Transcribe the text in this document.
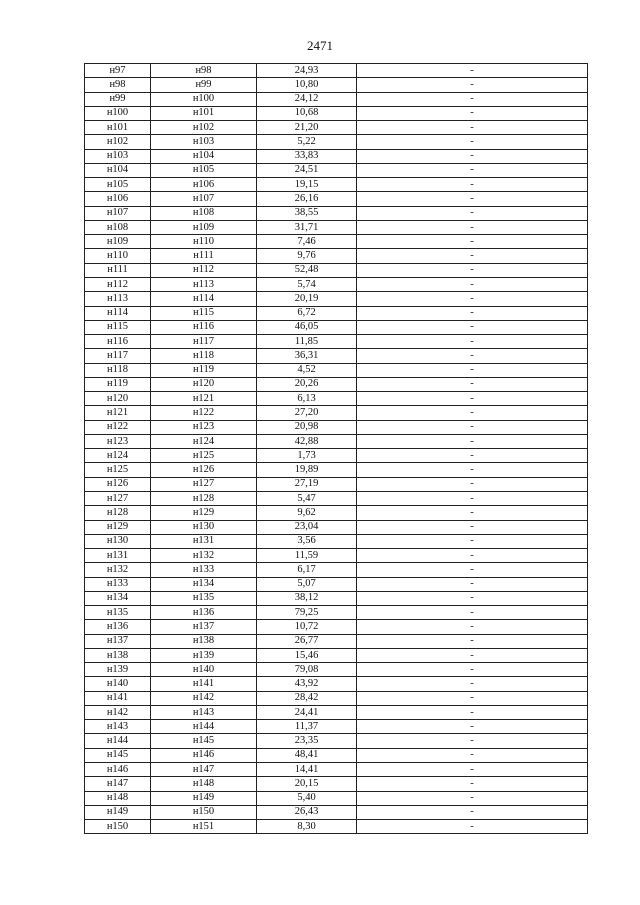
2471
н97	н98	24,93	-
н98	н99	10,80	-
н99	н100	24,12	-
н100	н101	10,68	-
н101	н102	21,20	-
н102	н103	5,22	-
н103	н104	33,83	-
н104	н105	24,51	-
н105	н106	19,15	-
н106	н107	26,16	-
н107	н108	38,55	-
н108	н109	31,71	-
н109	н110	7,46	-
н110	н111	9,76	-
н111	н112	52,48	-
н112	н113	5,74	-
н113	н114	20,19	-
н114	н115	6,72	-
н115	н116	46,05	-
н116	н117	11,85	-
н117	н118	36,31	-
н118	н119	4,52	-
н119	н120	20,26	-
н120	н121	6,13	-
н121	н122	27,20	-
н122	н123	20,98	-
н123	н124	42,88	-
н124	н125	1,73	-
н125	н126	19,89	-
н126	н127	27,19	-
н127	н128	5,47	-
н128	н129	9,62	-
н129	н130	23,04	-
н130	н131	3,56	-
н131	н132	11,59	-
н132	н133	6,17	-
н133	н134	5,07	-
н134	н135	38,12	-
н135	н136	79,25	-
н136	н137	10,72	-
н137	н138	26,77	-
н138	н139	15,46	-
н139	н140	79,08	-
н140	н141	43,92	-
н141	н142	28,42	-
н142	н143	24,41	-
н143	н144	11,37	-
н144	н145	23,35	-
н145	н146	48,41	-
н146	н147	14,41	-
н147	н148	20,15	-
н148	н149	5,40	-
н149	н150	26,43	-
н150	н151	8,30	-
